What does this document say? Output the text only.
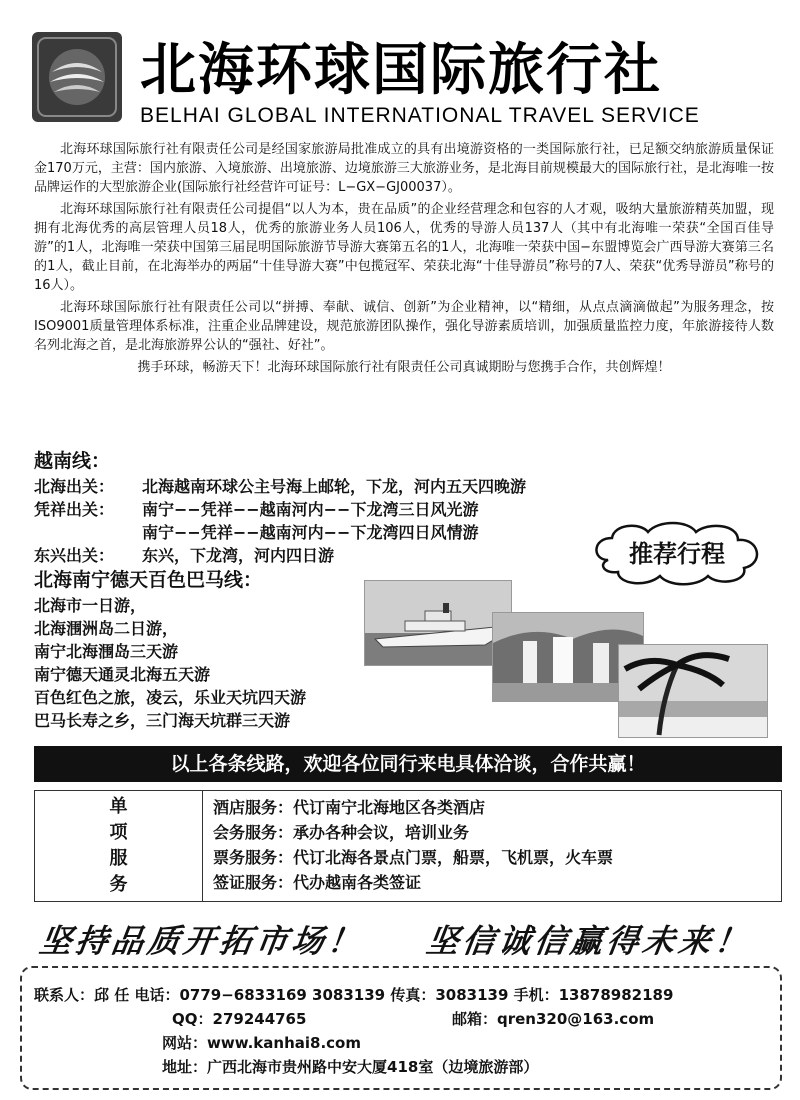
北海环球国际旅行社
BELHAI GLOBAL INTERNATIONAL TRAVEL SERVICE

北海环球国际旅行社有限责任公司是经国家旅游局批准成立的具有出境游资格的一类国际旅行社，已足额交纳旅游质量保证金170万元，主营：国内旅游、入境旅游、出境旅游、边境旅游三大旅游业务，是北海目前规模最大的国际旅行社，是北海唯一按品牌运作的大型旅游企业(国际旅行社经营许可证号：L−GX−GJ00037）。

北海环球国际旅行社有限责任公司提倡“以人为本，贵在品质”的企业经营理念和包容的人才观，吸纳大量旅游精英加盟，现拥有北海优秀的高层管理人员18人，优秀的旅游业务人员106人，优秀的导游人员137人（其中有北海唯一荣获“全国百佳导游”的1人，北海唯一荣获中国第三届昆明国际旅游节导游大赛第五名的1人，北海唯一荣获中国−东盟博览会广西导游大赛第三名的1人，截止目前，在北海举办的两届“十佳导游大赛”中包揽冠军、荣获北海“十佳导游员”称号的7人、荣获“优秀导游员”称号的16人）。

北海环球国际旅行社有限责任公司以“拼搏、奉献、诚信、创新”为企业精神，以“精细，从点点滴滴做起”为服务理念，按ISO9001质量管理体系标准，注重企业品牌建设，规范旅游团队操作，强化导游素质培训，加强质量监控力度，年旅游接待人数名列北海之首，是北海旅游界公认的“强社、好社”。

携手环球，畅游天下！北海环球国际旅行社有限责任公司真诚期盼与您携手合作，共创辉煌！

越南线：
北海出关：	北海越南环球公主号海上邮轮，下龙，河内五天四晚游
凭祥出关：	南宁−−凭祥−−越南河内−−下龙湾三日风光游
南宁−−凭祥−−越南河内−−下龙湾四日风情游
东兴出关：	东兴，下龙湾，河内四日游
北海南宁德天百色巴马线：
北海市一日游，
北海涠洲岛二日游，
南宁北海涠岛三天游
南宁德天通灵北海五天游
百色红色之旅，凌云，乐业天坑四天游
巴马长寿之乡，三门海天坑群三天游
推荐行程
以上各条线路，欢迎各位同行来电具体洽谈，合作共赢！
单
项
服
务
酒店服务：代订南宁北海地区各类酒店
会务服务：承办各种会议，培训业务
票务服务：代订北海各景点门票，船票，飞机票，火车票
签证服务：代办越南各类签证
坚持品质开拓市场！ 坚信诚信赢得未来！
联系人：邱 任 电话：0779−6833169 3083139 传真：3083139 手机：13878982189
QQ：279244765	邮箱：qren320@163.com
网站：www.kanhai8.com
地址：广西北海市贵州路中安大厦418室（边境旅游部）
